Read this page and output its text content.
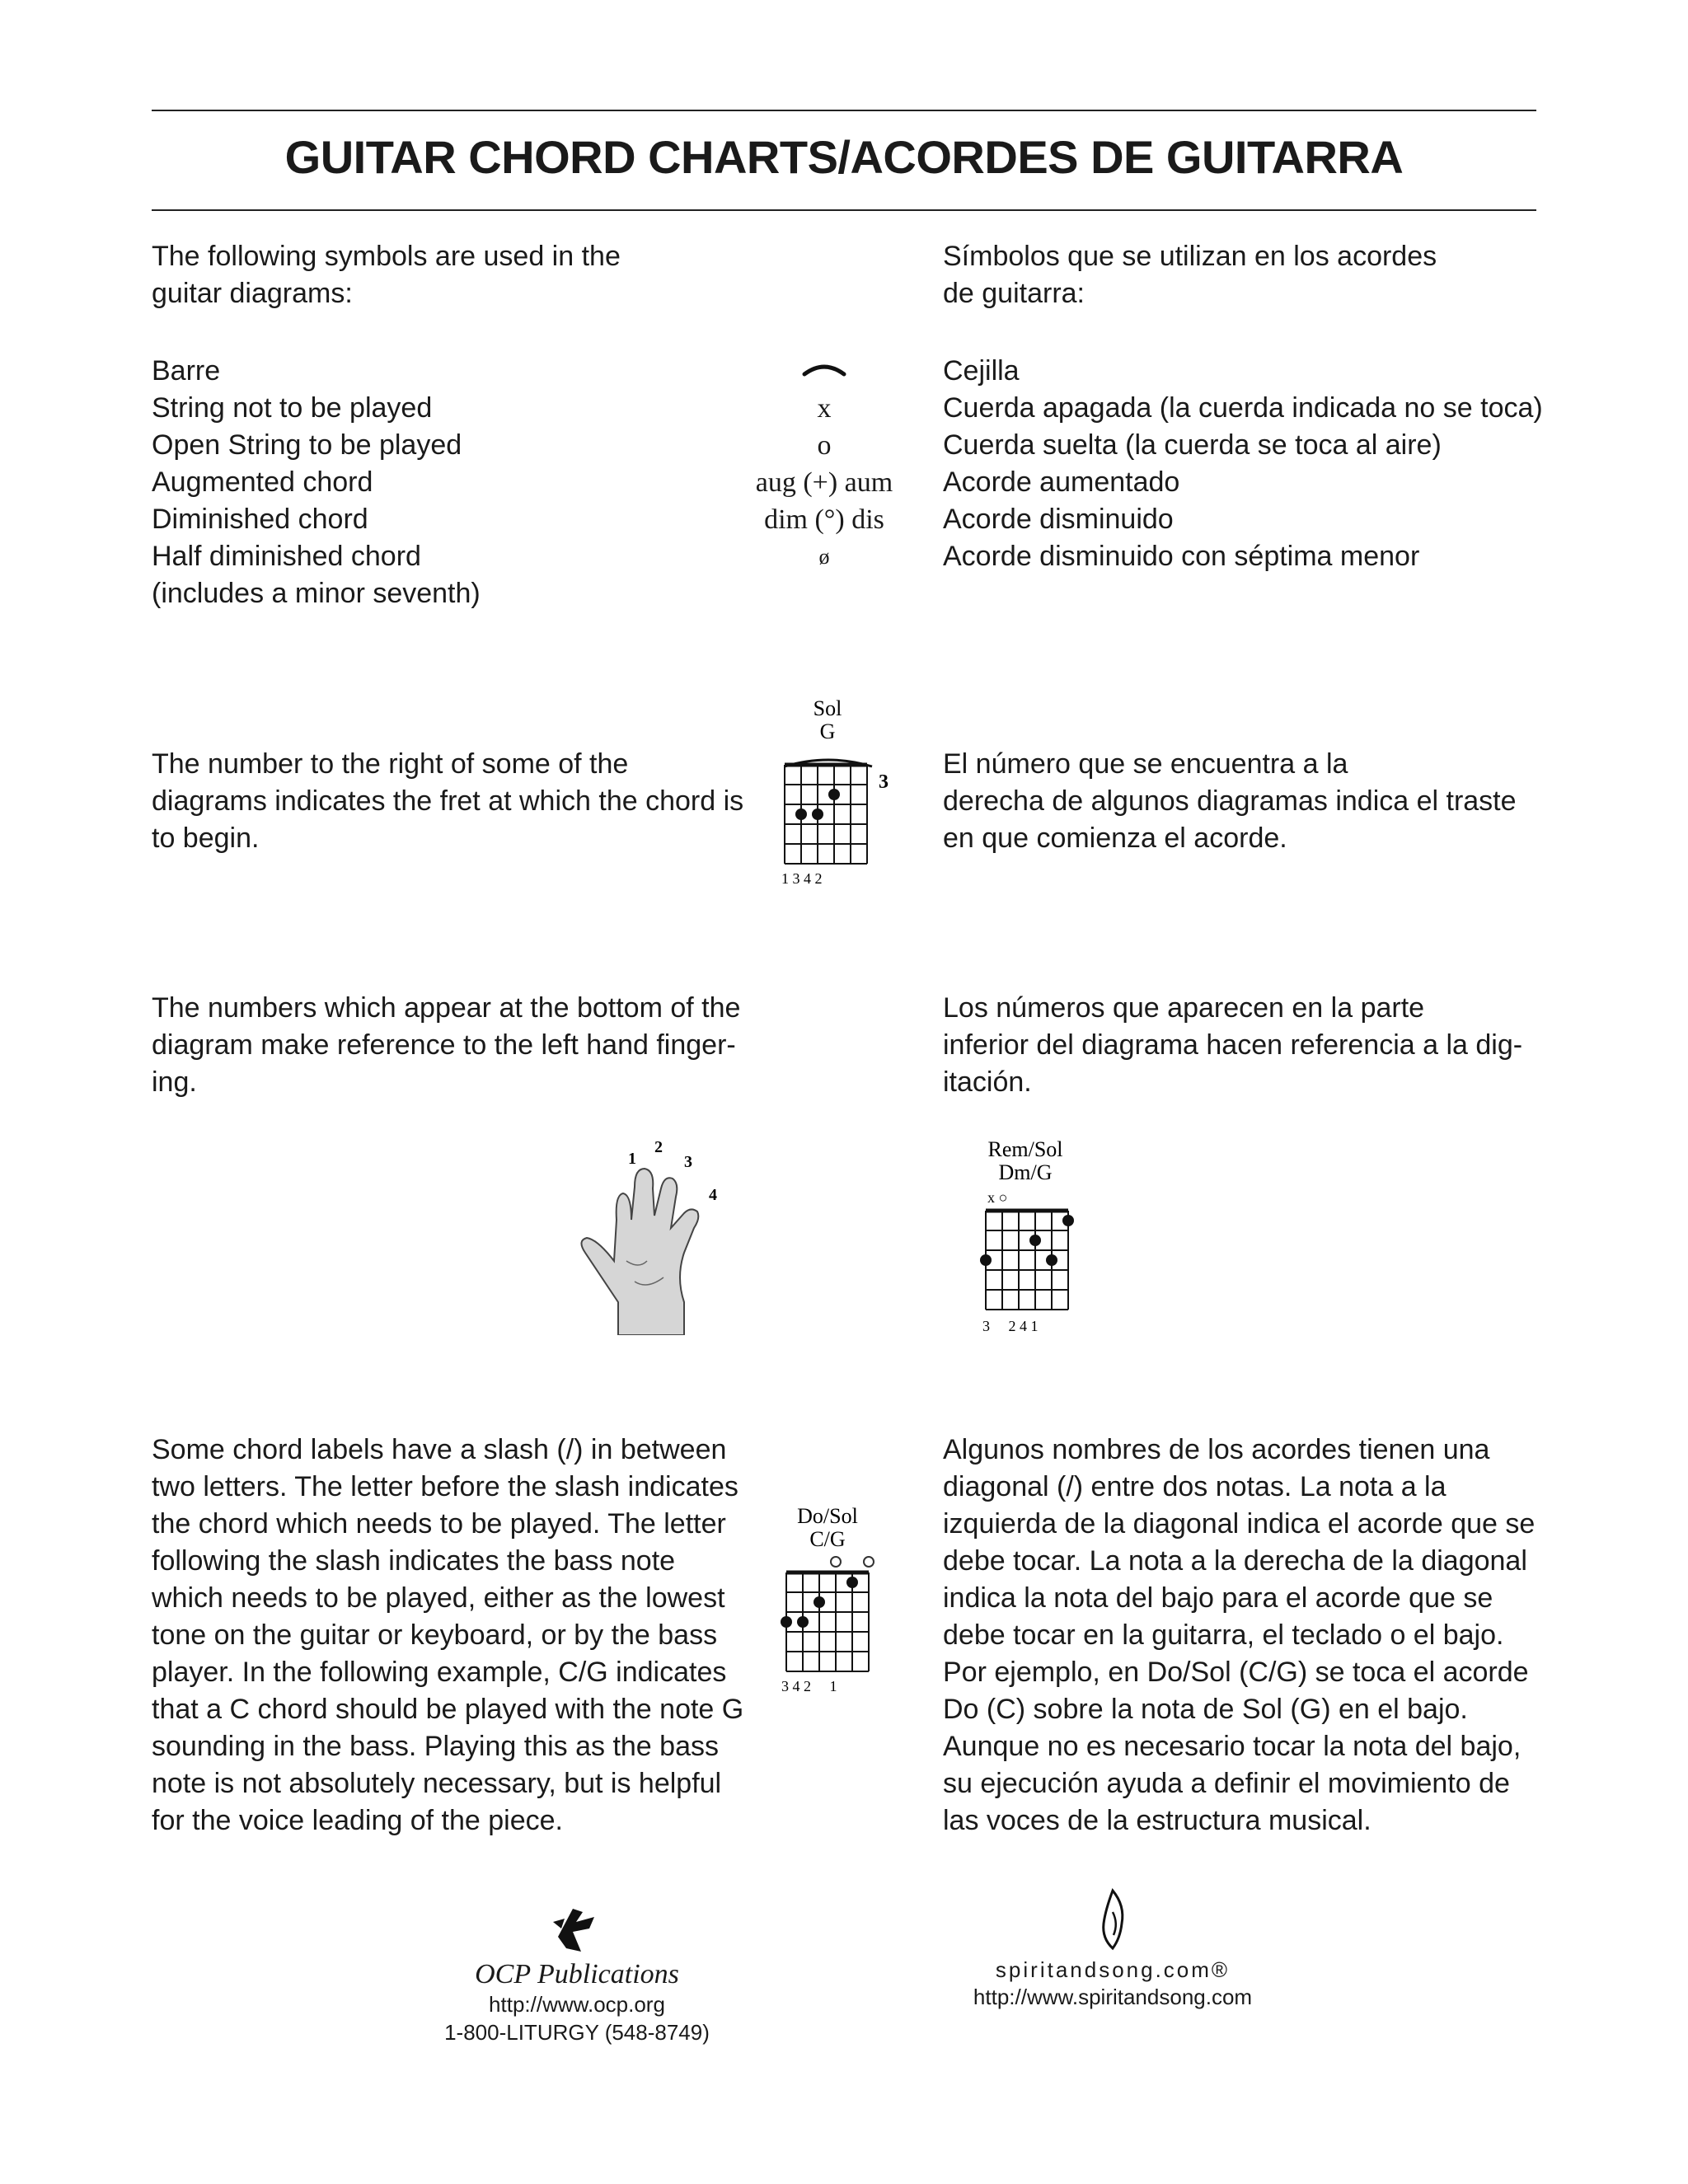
GUITAR CHORD CHARTS/ACORDES DE GUITARRA

The following symbols are used in the

guitar diagrams:

Símbolos que se utilizan en los acordes

de guitarra:

Barre
String not to be played
Open String to be played
Augmented chord
Diminished chord
Half diminished chord
(includes a minor seventh)
x
o
aug (+) aum
dim (°) dis
ø
Cejilla
Cuerda apagada (la cuerda indicada no se toca)
Cuerda suelta (la cuerda se toca al aire)
Acorde aumentado
Acorde disminuido
Acorde disminuido con séptima menor

The number to the right of some of the

diagrams indicates the fret at which the chord is

to begin.

El número que se encuentra a la

derecha de algunos diagramas indica el traste

en que comienza el acorde.

Sol
G
3
1 3 4 2

The numbers which appear at the bottom of the

diagram make reference to the left hand finger-

ing.

Los números que aparecen en la parte

inferior del diagrama hacen referencia a la dig-

itación.

1
2
3
4
Rem/Sol
Dm/G
x ○
3     2 4 1

Some chord labels have a slash (/) in between

two letters. The letter before the slash indicates

the chord which needs to be played. The letter

following the slash indicates the bass note

which needs to be played, either as the lowest

tone on the guitar or keyboard, or by the bass

player. In the following example, C/G indicates

that a C chord should be played with the note G

sounding in the bass. Playing this as the bass

note is not absolutely necessary, but is helpful

for the voice leading of the piece.

Algunos nombres de los acordes tienen una

diagonal (/) entre dos notas. La nota a la

izquierda de la diagonal indica el acorde que se

debe tocar. La nota a la derecha de la diagonal

indica la nota del bajo para el acorde que se

debe tocar en la guitarra, el teclado o el bajo.

Por ejemplo, en Do/Sol (C/G) se toca el acorde

Do (C) sobre la nota de Sol (G) en el bajo.

Aunque no es necesario tocar la nota del bajo,

su ejecución ayuda a definir el movimiento de

las voces de la estructura musical.

Do/Sol
C/G
3 4 2     1
OCP Publications
http://www.ocp.org
1-800-LITURGY (548-8749)
spiritandsong.com®
http://www.spiritandsong.com
